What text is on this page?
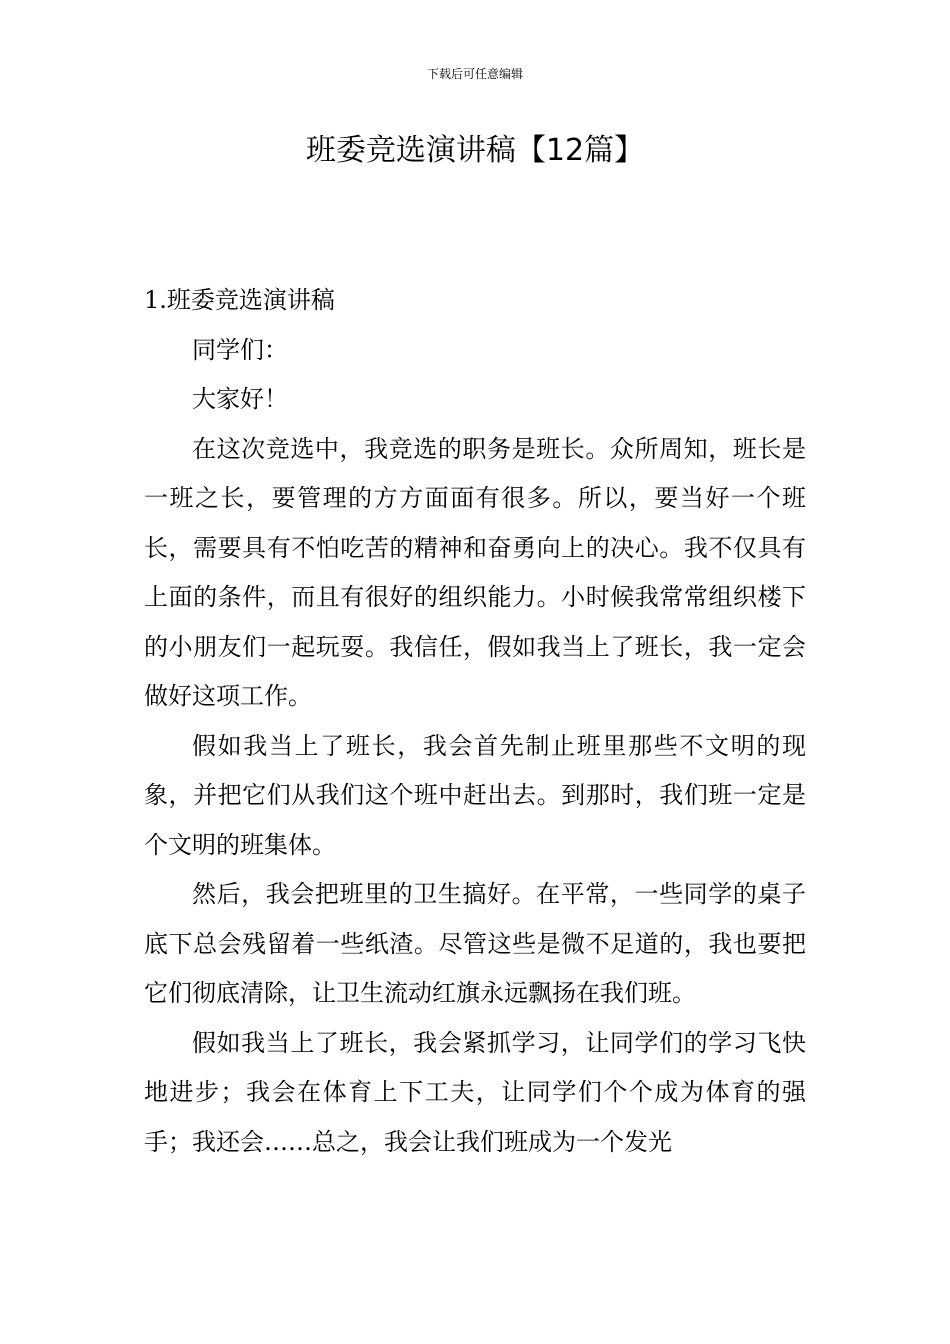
下载后可任意编辑
班委竞选演讲稿【12篇】
1.班委竞选演讲稿

同学们：

大家好！

在这次竞选中，我竞选的职务是班长。众所周知，班长是一班之长，要管理的方方面面有很多。所以，要当好一个班长，需要具有不怕吃苦的精神和奋勇向上的决心。我不仅具有上面的条件，而且有很好的组织能力。小时候我常常组织楼下的小朋友们一起玩耍。我信任，假如我当上了班长，我一定会做好这项工作。

假如我当上了班长，我会首先制止班里那些不文明的现象，并把它们从我们这个班中赶出去。到那时，我们班一定是个文明的班集体。

然后，我会把班里的卫生搞好。在平常，一些同学的桌子底下总会残留着一些纸渣。尽管这些是微不足道的，我也要把它们彻底清除，让卫生流动红旗永远飘扬在我们班。

假如我当上了班长，我会紧抓学习，让同学们的学习飞快地进步；我会在体育上下工夫，让同学们个个成为体育的强手；我还会……总之，我会让我们班成为一个发光
